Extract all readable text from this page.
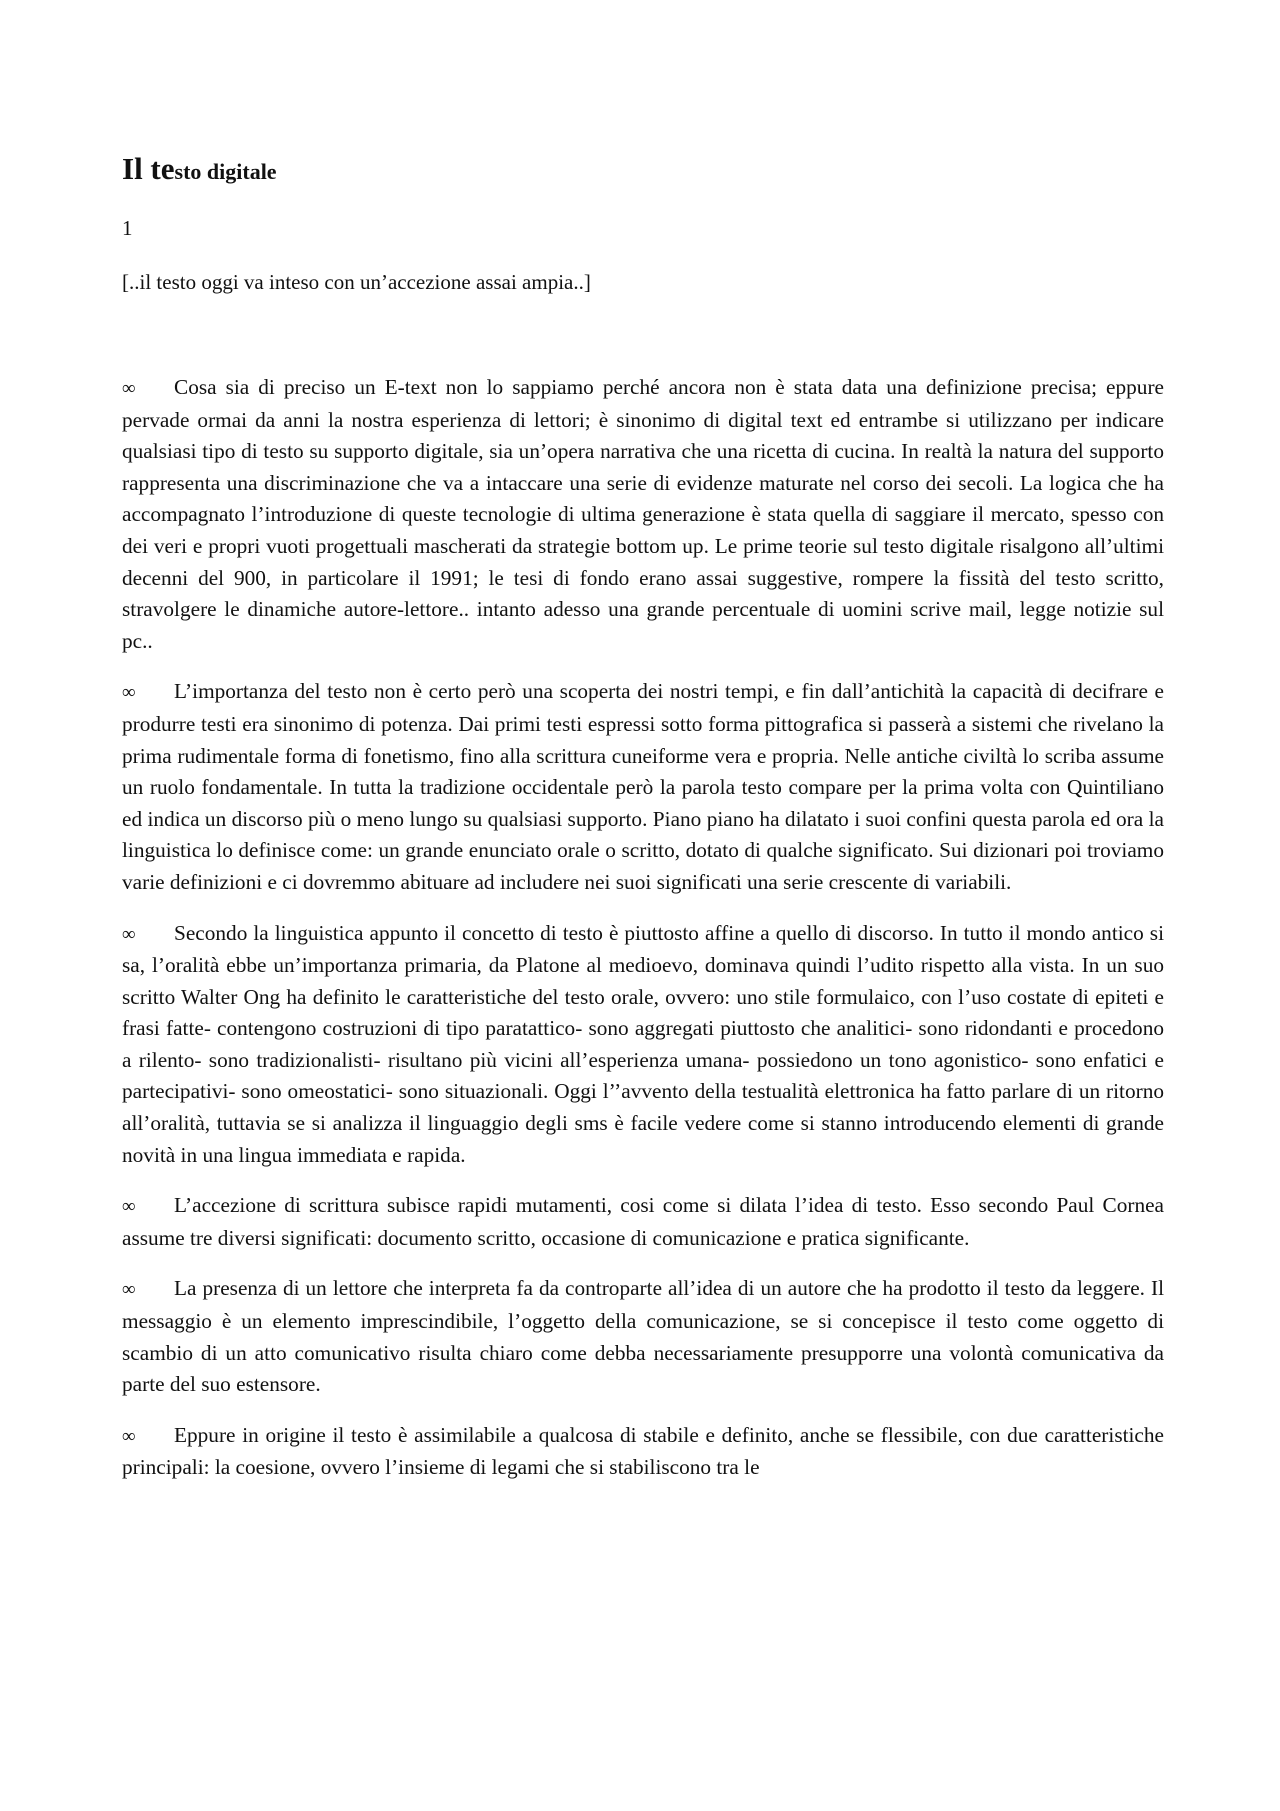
Il testo digitale
1
[..il testo oggi va inteso con un’accezione assai ampia..]

∞ Cosa sia di preciso un E-text non lo sappiamo perché ancora non è stata data una definizione precisa; eppure pervade ormai da anni la nostra esperienza di lettori; è sinonimo di digital text ed entrambe si utilizzano per indicare qualsiasi tipo di testo su supporto digitale, sia un’opera narrativa che una ricetta di cucina. In realtà la natura del supporto rappresenta una discriminazione che va a intaccare una serie di evidenze maturate nel corso dei secoli. La logica che ha accompagnato l’introduzione di queste tecnologie di ultima generazione è stata quella di saggiare il mercato, spesso con dei veri e propri vuoti progettuali mascherati da strategie bottom up. Le prime teorie sul testo digitale risalgono all’ultimi decenni del 900, in particolare il 1991; le tesi di fondo erano assai suggestive, rompere la fissità del testo scritto, stravolgere le dinamiche autore-lettore.. intanto adesso una grande percentuale di uomini scrive mail, legge notizie sul pc..

∞ L’importanza del testo non è certo però una scoperta dei nostri tempi, e fin dall’antichità la capacità di decifrare e produrre testi era sinonimo di potenza. Dai primi testi espressi sotto forma pittografica si passerà a sistemi che rivelano la prima rudimentale forma di fonetismo, fino alla scrittura cuneiforme vera e propria. Nelle antiche civiltà lo scriba assume un ruolo fondamentale. In tutta la tradizione occidentale però la parola testo compare per la prima volta con Quintiliano ed indica un discorso più o meno lungo su qualsiasi supporto. Piano piano ha dilatato i suoi confini questa parola ed ora la linguistica lo definisce come: un grande enunciato orale o scritto, dotato di qualche significato. Sui dizionari poi troviamo varie definizioni e ci dovremmo abituare ad includere nei suoi significati una serie crescente di variabili.

∞ Secondo la linguistica appunto il concetto di testo è piuttosto affine a quello di discorso. In tutto il mondo antico si sa, l’oralità ebbe un’importanza primaria, da Platone al medioevo, dominava quindi l’udito rispetto alla vista. In un suo scritto Walter Ong ha definito le caratteristiche del testo orale, ovvero: uno stile formulaico, con l’uso costate di epiteti e frasi fatte- contengono costruzioni di tipo paratattico- sono aggregati piuttosto che analitici- sono ridondanti e procedono a rilento- sono tradizionalisti- risultano più vicini all’esperienza umana- possiedono un tono agonistico- sono enfatici e partecipativi- sono omeostatici- sono situazionali. Oggi l’’avvento della testualità elettronica ha fatto parlare di un ritorno all’oralità, tuttavia se si analizza il linguaggio degli sms è facile vedere come si stanno introducendo elementi di grande novità in una lingua immediata e rapida.

∞ L’accezione di scrittura subisce rapidi mutamenti, cosi come si dilata l’idea di testo. Esso secondo Paul Cornea assume tre diversi significati: documento scritto, occasione di comunicazione e pratica significante.

∞ La presenza di un lettore che interpreta fa da controparte all’idea di un autore che ha prodotto il testo da leggere. Il messaggio è un elemento imprescindibile, l’oggetto della comunicazione, se si concepisce il testo come oggetto di scambio di un atto comunicativo risulta chiaro come debba necessariamente presupporre una volontà comunicativa da parte del suo estensore.

∞ Eppure in origine il testo è assimilabile a qualcosa di stabile e definito, anche se flessibile, con due caratteristiche principali: la coesione, ovvero l’insieme di legami che si stabiliscono tra le
